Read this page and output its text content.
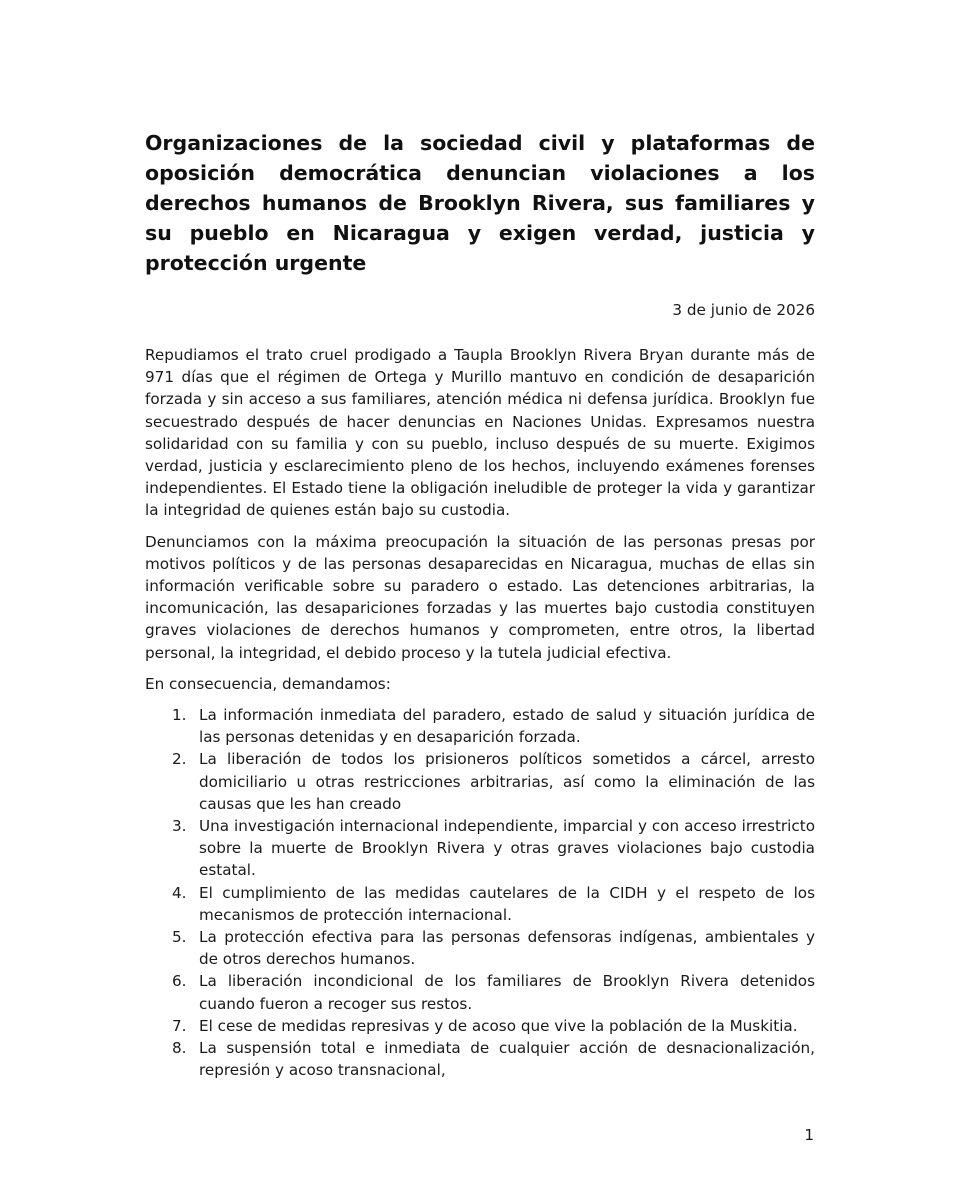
Organizaciones de la sociedad civil y plataformas de oposición democrática denuncian violaciones a los derechos humanos de Brooklyn Rivera, sus familiares y su pueblo en Nicaragua y exigen verdad, justicia y protección urgente
3 de junio de 2026

Repudiamos el trato cruel prodigado a Taupla Brooklyn Rivera Bryan durante más de 971 días que el régimen de Ortega y Murillo mantuvo en condición de desaparición forzada y sin acceso a sus familiares, atención médica ni defensa jurídica. Brooklyn fue secuestrado después de hacer denuncias en Naciones Unidas. Expresamos nuestra solidaridad con su familia y con su pueblo, incluso después de su muerte. Exigimos verdad, justicia y esclarecimiento pleno de los hechos, incluyendo exámenes forenses independientes. El Estado tiene la obligación ineludible de proteger la vida y garantizar la integridad de quienes están bajo su custodia.

Denunciamos con la máxima preocupación la situación de las personas presas por motivos políticos y de las personas desaparecidas en Nicaragua, muchas de ellas sin información verificable sobre su paradero o estado. Las detenciones arbitrarias, la incomunicación, las desapariciones forzadas y las muertes bajo custodia constituyen graves violaciones de derechos humanos y comprometen, entre otros, la libertad personal, la integridad, el debido proceso y la tutela judicial efectiva.

En consecuencia, demandamos:

1. La información inmediata del paradero, estado de salud y situación jurídica de las personas detenidas y en desaparición forzada.
2. La liberación de todos los prisioneros políticos sometidos a cárcel, arresto domiciliario u otras restricciones arbitrarias, así como la eliminación de las causas que les han creado
3. Una investigación internacional independiente, imparcial y con acceso irrestricto sobre la muerte de Brooklyn Rivera y otras graves violaciones bajo custodia estatal.
4. El cumplimiento de las medidas cautelares de la CIDH y el respeto de los mecanismos de protección internacional.
5. La protección efectiva para las personas defensoras indígenas, ambientales y de otros derechos humanos.
6. La liberación incondicional de los familiares de Brooklyn Rivera detenidos cuando fueron a recoger sus restos.
7. El cese de medidas represivas y de acoso que vive la población de la Muskitia.
8. La suspensión total e inmediata de cualquier acción de desnacionalización, represión y acoso transnacional,
1
